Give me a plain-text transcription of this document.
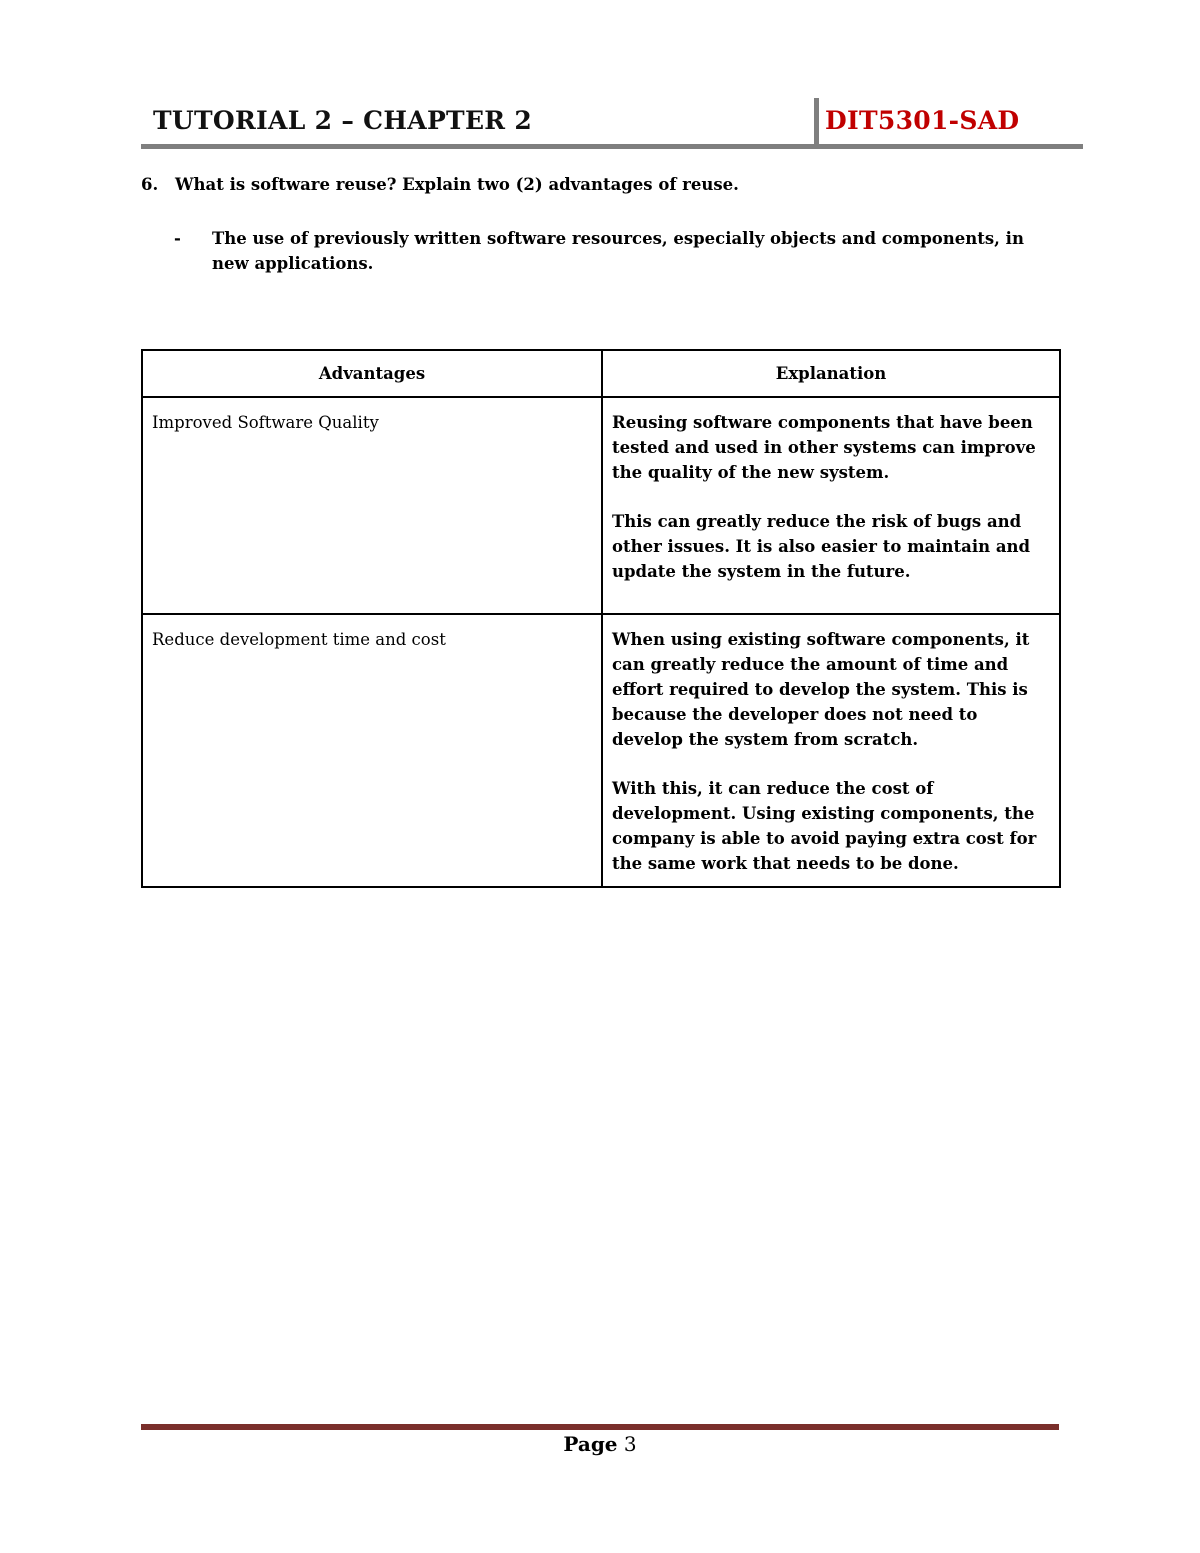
TUTORIAL 2 – CHAPTER 2	DIT5301-SAD
6. What is software reuse? Explain two (2) advantages of reuse.
- The use of previously written software resources, especially objects and components, in new applications.
Advantages	Explanation
Improved Software Quality	Reusing software components that have been tested and used in other systems can improve the quality of the new system.

This can greatly reduce the risk of bugs and other issues. It is also easier to maintain and update the system in the future.

Reduce development time and cost	When using existing software components, it can greatly reduce the amount of time and effort required to develop the system. This is because the developer does not need to develop the system from scratch.

With this, it can reduce the cost of development. Using existing components, the company is able to avoid paying extra cost for the same work that needs to be done.

Page 3
